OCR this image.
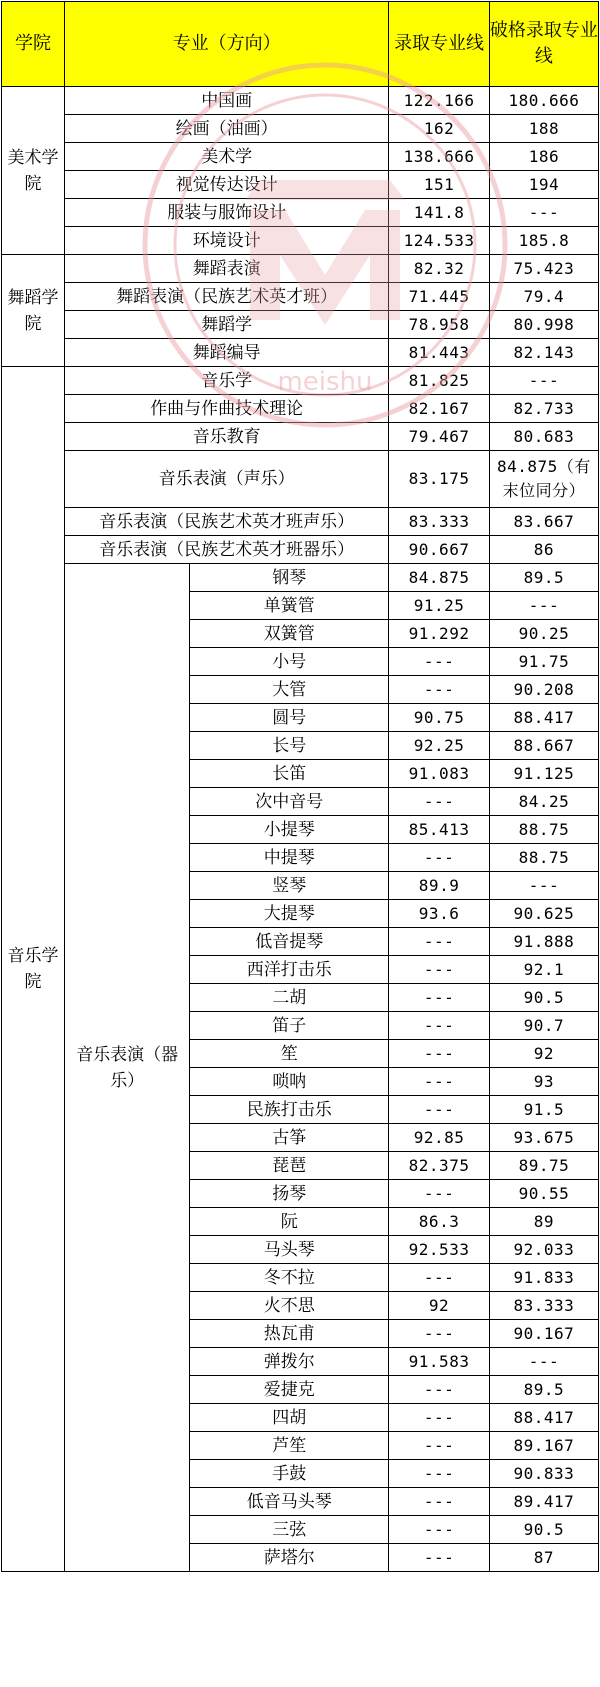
学院	专业（方向）		录取专业线	破格录取专业线
美术学院	中国画		122.166	180.666
	绘画（油画）		162	188
	美术学		138.666	186
	视觉传达设计		151	194
	服装与服饰设计		141.8	---
	环境设计		124.533	185.8
舞蹈学院	舞蹈表演		82.32	75.423
	舞蹈表演（民族艺术英才班）		71.445	79.4
	舞蹈学		78.958	80.998
	舞蹈编导		81.443	82.143
音乐学院	音乐学		81.825	---
	作曲与作曲技术理论		82.167	82.733
	音乐教育		79.467	80.683
	音乐表演（声乐）		83.175	84.875（有末位同分）
	音乐表演（民族艺术英才班声乐）		83.333	83.667
	音乐表演（民族艺术英才班器乐）		90.667	86
	音乐表演（器乐）	钢琴	84.875	89.5
		单簧管	91.25	---
		双簧管	91.292	90.25
		小号	---	91.75
		大管	---	90.208
		圆号	90.75	88.417
		长号	92.25	88.667
		长笛	91.083	91.125
		次中音号	---	84.25
		小提琴	85.413	88.75
		中提琴	---	88.75
		竖琴	89.9	---
		大提琴	93.6	90.625
		低音提琴	---	91.888
		西洋打击乐	---	92.1
		二胡	---	90.5
		笛子	---	90.7
		笙	---	92
		唢呐	---	93
		民族打击乐	---	91.5
		古筝	92.85	93.675
		琵琶	82.375	89.75
		扬琴	---	90.55
		阮	86.3	89
		马头琴	92.533	92.033
		冬不拉	---	91.833
		火不思	92	83.333
		热瓦甫	---	90.167
		弹拨尔	91.583	---
		爱捷克	---	89.5
		四胡	---	88.417
		芦笙	---	89.167
		手鼓	---	90.833
		低音马头琴	---	89.417
		三弦	---	90.5
		萨塔尔	---	87
meishu
